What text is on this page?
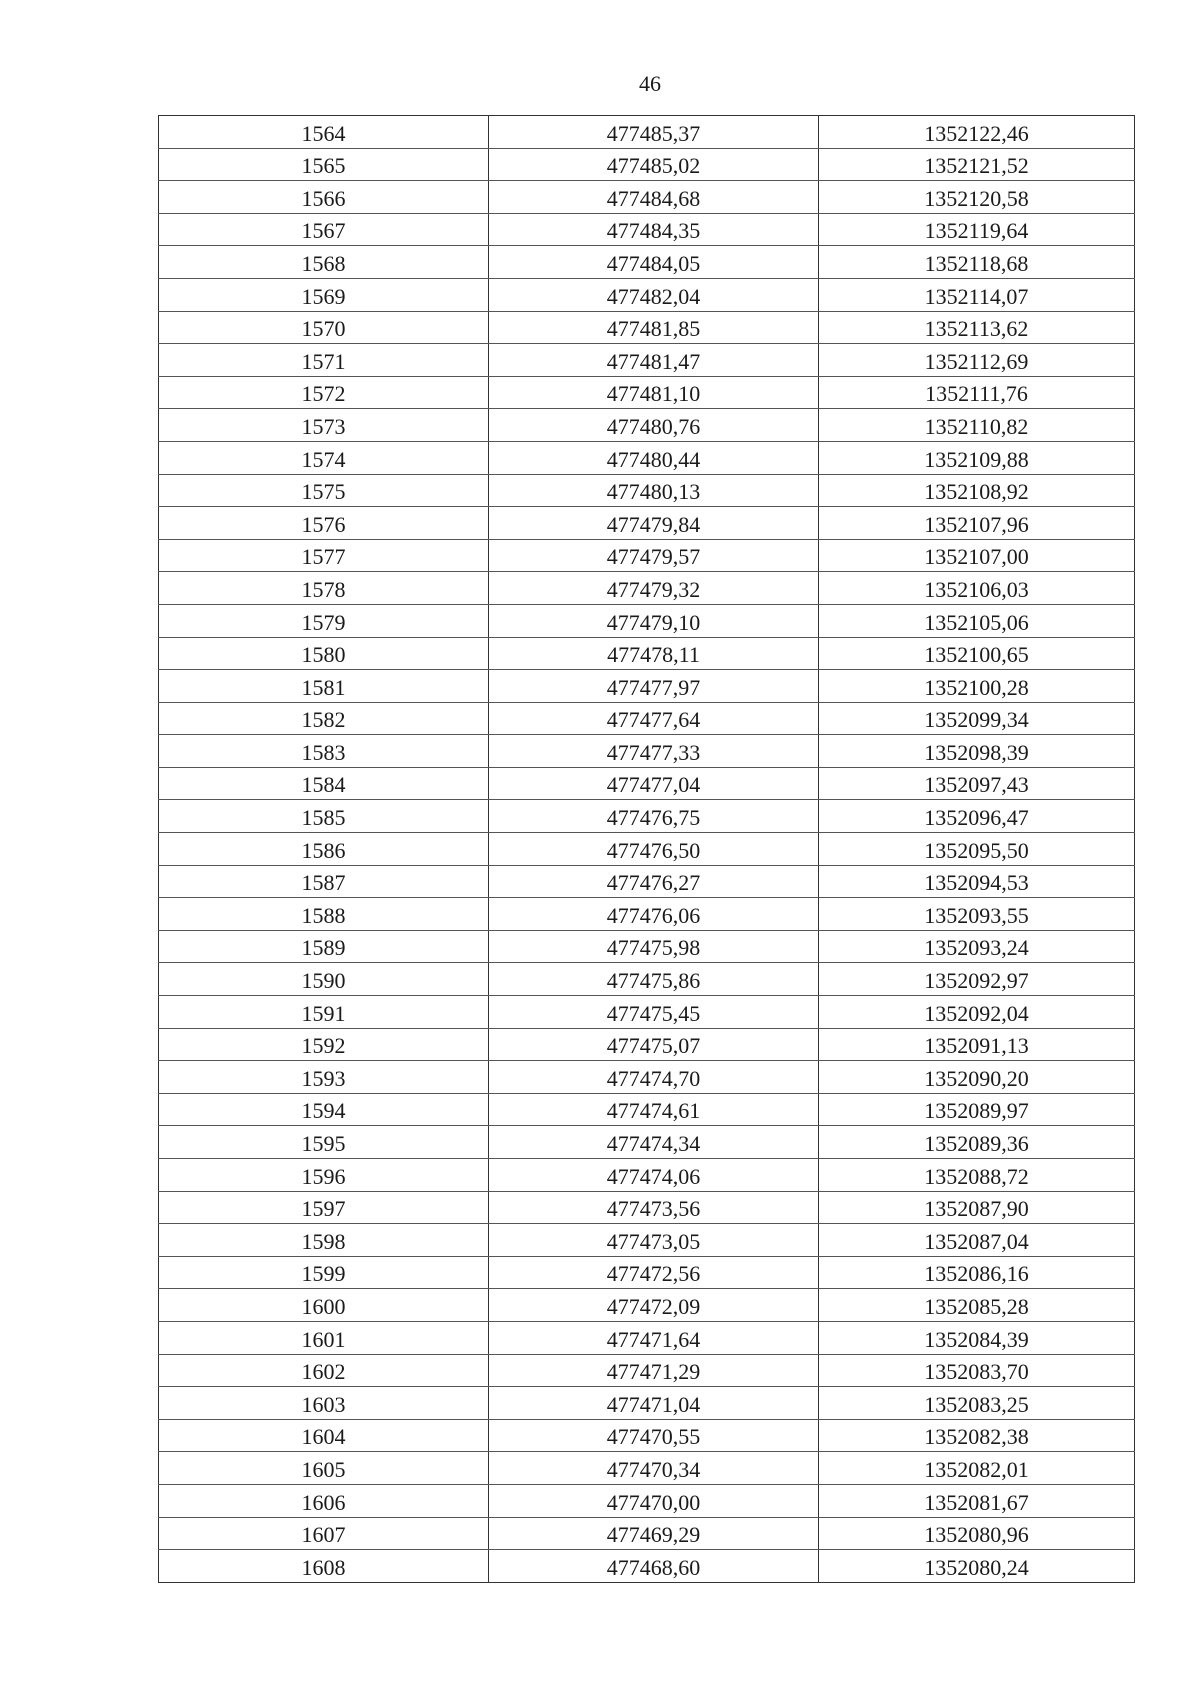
46
1564	477485,37	1352122,46
1565	477485,02	1352121,52
1566	477484,68	1352120,58
1567	477484,35	1352119,64
1568	477484,05	1352118,68
1569	477482,04	1352114,07
1570	477481,85	1352113,62
1571	477481,47	1352112,69
1572	477481,10	1352111,76
1573	477480,76	1352110,82
1574	477480,44	1352109,88
1575	477480,13	1352108,92
1576	477479,84	1352107,96
1577	477479,57	1352107,00
1578	477479,32	1352106,03
1579	477479,10	1352105,06
1580	477478,11	1352100,65
1581	477477,97	1352100,28
1582	477477,64	1352099,34
1583	477477,33	1352098,39
1584	477477,04	1352097,43
1585	477476,75	1352096,47
1586	477476,50	1352095,50
1587	477476,27	1352094,53
1588	477476,06	1352093,55
1589	477475,98	1352093,24
1590	477475,86	1352092,97
1591	477475,45	1352092,04
1592	477475,07	1352091,13
1593	477474,70	1352090,20
1594	477474,61	1352089,97
1595	477474,34	1352089,36
1596	477474,06	1352088,72
1597	477473,56	1352087,90
1598	477473,05	1352087,04
1599	477472,56	1352086,16
1600	477472,09	1352085,28
1601	477471,64	1352084,39
1602	477471,29	1352083,70
1603	477471,04	1352083,25
1604	477470,55	1352082,38
1605	477470,34	1352082,01
1606	477470,00	1352081,67
1607	477469,29	1352080,96
1608	477468,60	1352080,24
